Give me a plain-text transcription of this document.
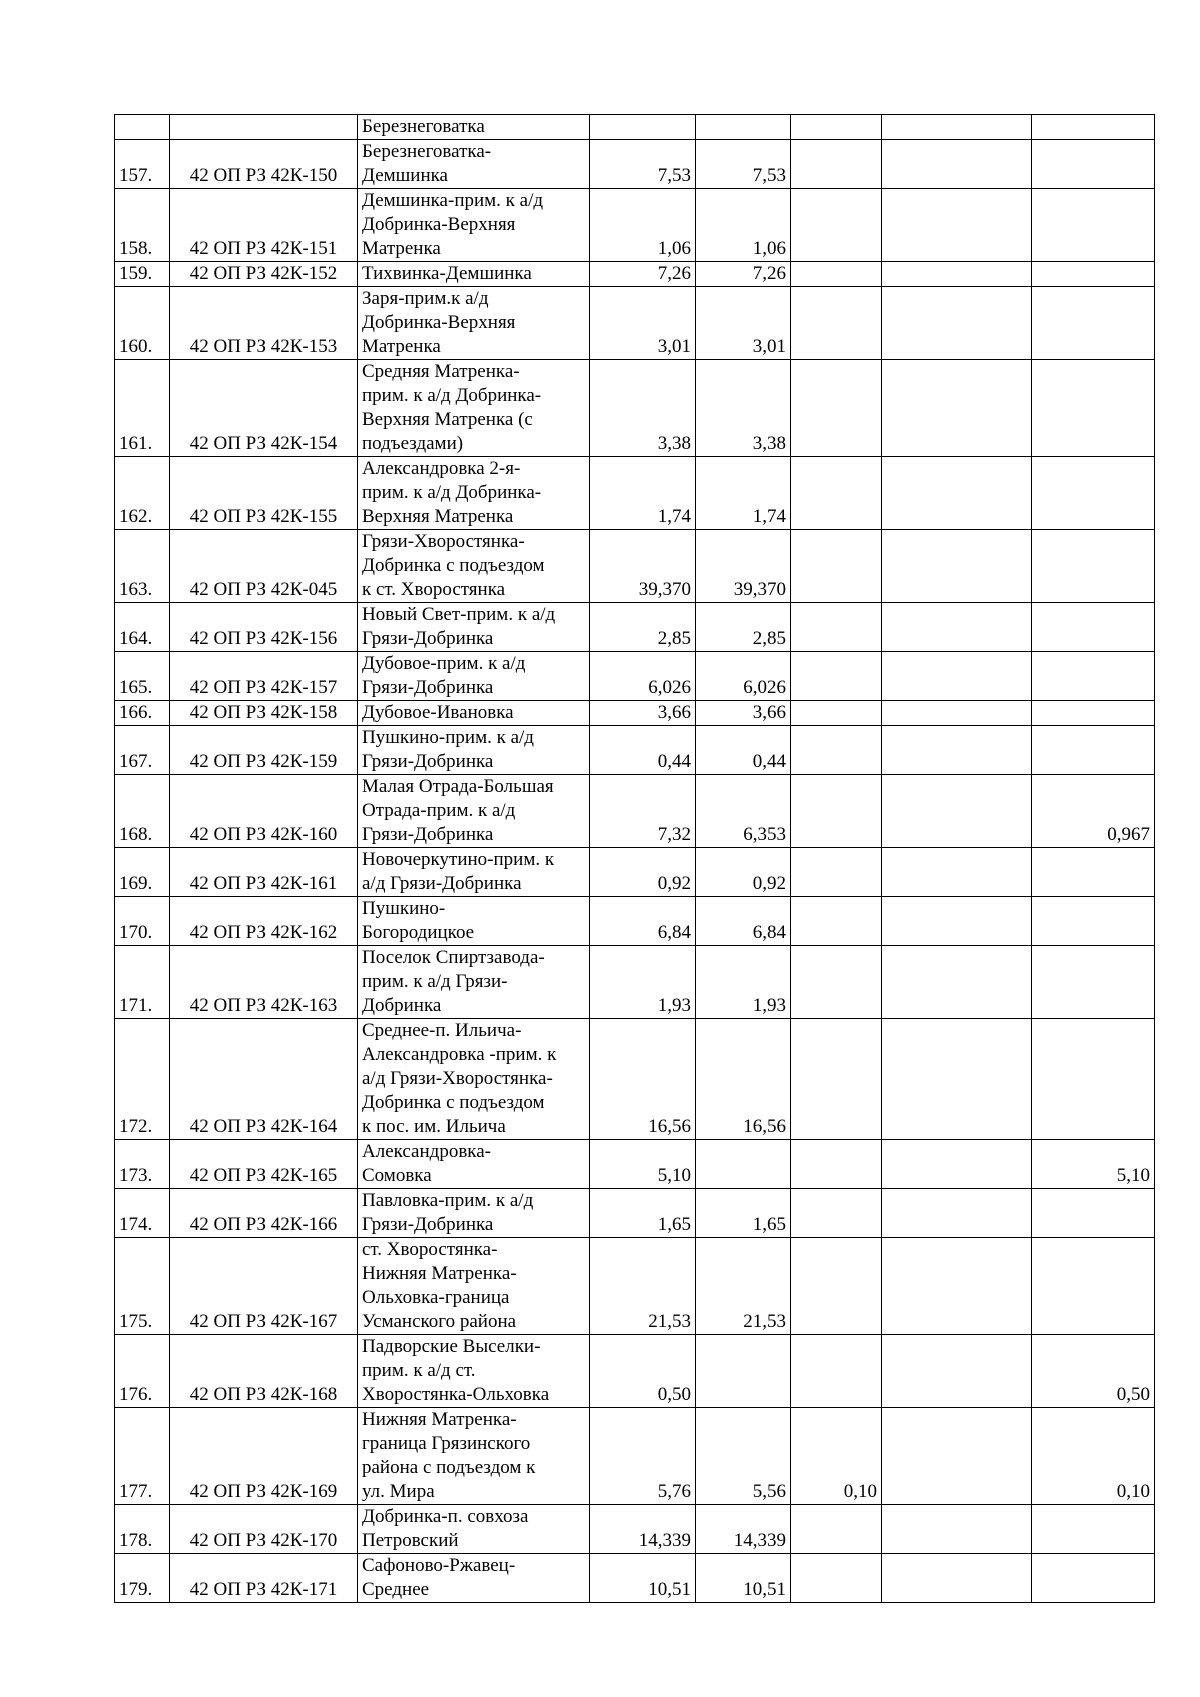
		Березнеговатка					
157.	42 ОП РЗ 42К-150	Березнеговатка-
Демшинка	7,53	7,53			
158.	42 ОП РЗ 42К-151	Демшинка-прим. к а/д
Добринка-Верхняя
Матренка	1,06	1,06			
159.	42 ОП РЗ 42К-152	Тихвинка-Демшинка	7,26	7,26			
160.	42 ОП РЗ 42К-153	Заря-прим.к а/д
Добринка-Верхняя
Матренка	3,01	3,01			
161.	42 ОП РЗ 42К-154	Средняя Матренка-
прим. к а/д Добринка-
Верхняя Матренка (с
подъездами)	3,38	3,38			
162.	42 ОП РЗ 42К-155	Александровка 2-я-
прим. к а/д Добринка-
Верхняя Матренка	1,74	1,74			
163.	42 ОП РЗ 42К-045	Грязи-Хворостянка-
Добринка с подъездом
к ст. Хворостянка	39,370	39,370			
164.	42 ОП РЗ 42К-156	Новый Свет-прим. к а/д
Грязи-Добринка	2,85	2,85			
165.	42 ОП РЗ 42К-157	Дубовое-прим. к а/д
Грязи-Добринка	6,026	6,026			
166.	42 ОП РЗ 42К-158	Дубовое-Ивановка	3,66	3,66			
167.	42 ОП РЗ 42К-159	Пушкино-прим. к а/д
Грязи-Добринка	0,44	0,44			
168.	42 ОП РЗ 42К-160	Малая Отрада-Большая
Отрада-прим. к а/д
Грязи-Добринка	7,32	6,353			0,967
169.	42 ОП РЗ 42К-161	Новочеркутино-прим. к
а/д Грязи-Добринка	0,92	0,92			
170.	42 ОП РЗ 42К-162	Пушкино-
Богородицкое	6,84	6,84			
171.	42 ОП РЗ 42К-163	Поселок Спиртзавода-
прим. к а/д Грязи-
Добринка	1,93	1,93			
172.	42 ОП РЗ 42К-164	Среднее-п. Ильича-
Александровка -прим. к
а/д Грязи-Хворостянка-
Добринка с подъездом
к пос. им. Ильича	16,56	16,56			
173.	42 ОП РЗ 42К-165	Александровка-
Сомовка	5,10				5,10
174.	42 ОП РЗ 42К-166	Павловка-прим. к а/д
Грязи-Добринка	1,65	1,65			
175.	42 ОП РЗ 42К-167	ст. Хворостянка-
Нижняя Матренка-
Ольховка-граница
Усманского района	21,53	21,53			
176.	42 ОП РЗ 42К-168	Падворские Выселки-
прим. к а/д ст.
Хворостянка-Ольховка	0,50				0,50
177.	42 ОП РЗ 42К-169	Нижняя Матренка-
граница Грязинского
района с подъездом к
ул. Мира	5,76	5,56	0,10		0,10
178.	42 ОП РЗ 42К-170	Добринка-п. совхоза
Петровский	14,339	14,339			
179.	42 ОП РЗ 42К-171	Сафоново-Ржавец-
Среднее	10,51	10,51			
